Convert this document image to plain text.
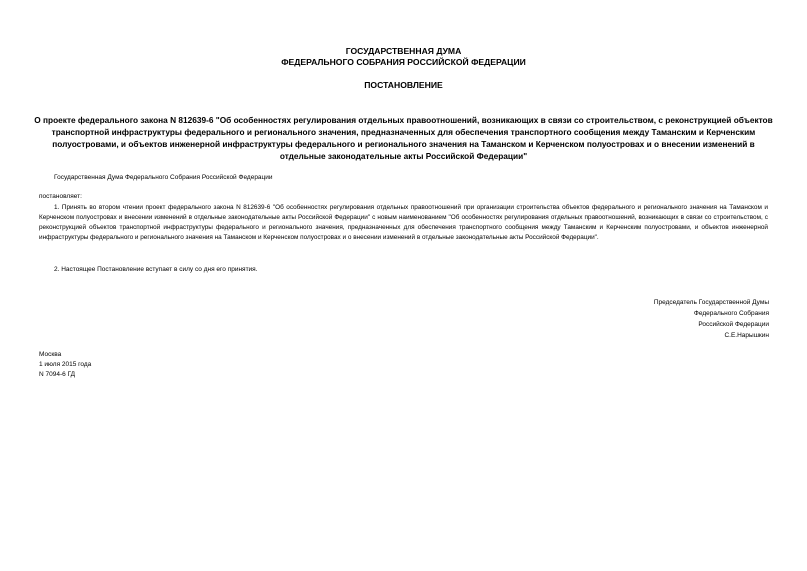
ГОСУДАРСТВЕННАЯ ДУМА
ФЕДЕРАЛЬНОГО СОБРАНИЯ РОССИЙСКОЙ ФЕДЕРАЦИИ
ПОСТАНОВЛЕНИЕ
О проекте федерального закона N 812639-6 "Об особенностях регулирования отдельных правоотношений, возникающих в связи со строительством, с реконструкцией объектов транспортной инфраструктуры федерального и регионального значения, предназначенных для обеспечения транспортного сообщения между Таманским и Керченским полуостровами, и объектов инженерной инфраструктуры федерального и регионального значения на Таманском и Керченском полуостровах и о внесении изменений в отдельные законодательные акты Российской Федерации"
Государственная Дума Федерального Собрания Российской Федерации
постановляет:
1. Принять во втором чтении проект федерального закона N 812639-6 "Об особенностях регулирования отдельных правоотношений при организации строительства объектов федерального и регионального значения на Таманском и Керченском полуостровах и внесении изменений в отдельные законодательные акты Российской Федерации" с новым наименованием "Об особенностях регулирования отдельных правоотношений, возникающих в связи со строительством, с реконструкцией объектов транспортной инфраструктуры федерального и регионального значения, предназначенных для обеспечения транспортного сообщения между Таманским и Керченским полуостровами, и объектов инженерной инфраструктуры федерального и регионального значения на Таманском и Керченском полуостровах и о внесении изменений в отдельные законодательные акты Российской Федерации".
2. Настоящее Постановление вступает в силу со дня его принятия.
Председатель Государственной Думы
Федерального Собрания
Российской Федерации
С.Е.Нарышкин
Москва
1 июля 2015 года
N 7094-6 ГД
